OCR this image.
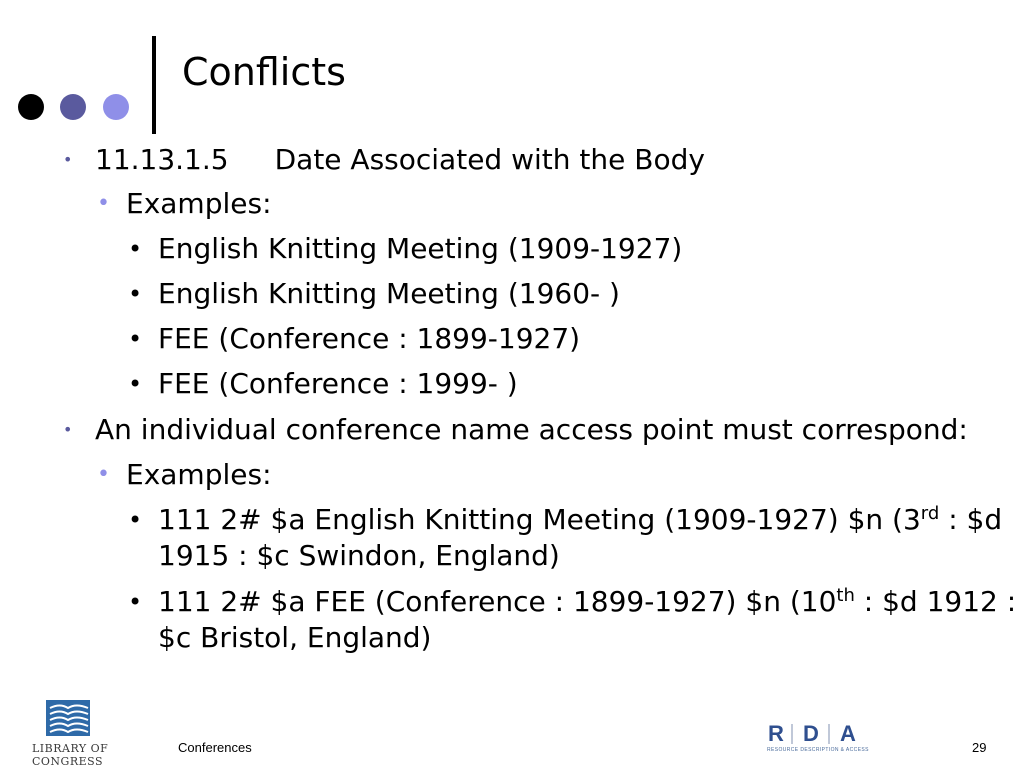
Conflicts
• 11.13.1.5 Date Associated with the Body
• Examples:
• English Knitting Meeting (1909-1927)
• English Knitting Meeting (1960- )
• FEE (Conference : 1899-1927)
• FEE (Conference : 1999- )
• An individual conference name access point must correspond:
• Examples:
• 111 2# $a English Knitting Meeting (1909-1927) $n (3rd : $d
1915 : $c Swindon, England)
• 111 2# $a FEE (Conference : 1899-1927) $n (10th : $d 1912 :
$c Bristol, England)
LIBRARY OF
CONGRESS
Conferences
R D A
RESOURCE DESCRIPTION & ACCESS	29
